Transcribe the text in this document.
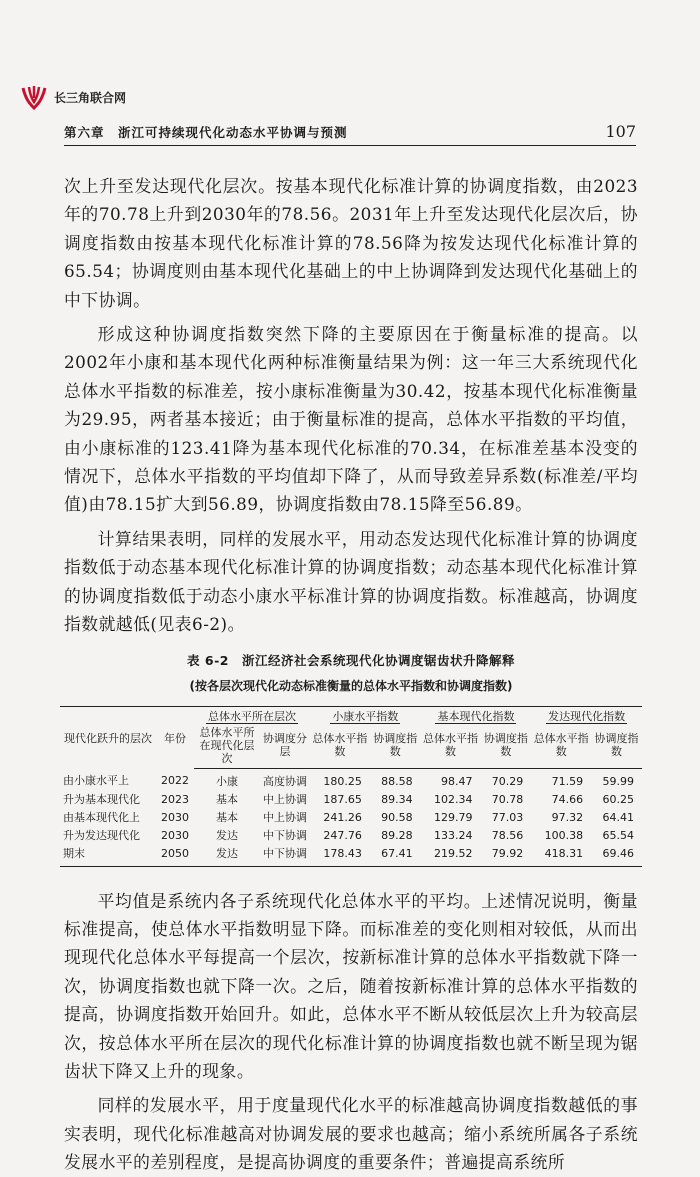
长三角联合网
第六章　浙江可持续现代化动态水平协调与预测	107

次上升至发达现代化层次。按基本现代化标准计算的协调度指数，由2023年的70.78上升到2030年的78.56。2031年上升至发达现代化层次后，协调度指数由按基本现代化标准计算的78.56降为按发达现代化标准计算的65.54；协调度则由基本现代化基础上的中上协调降到发达现代化基础上的中下协调。

形成这种协调度指数突然下降的主要原因在于衡量标准的提高。以2002年小康和基本现代化两种标准衡量结果为例：这一年三大系统现代化总体水平指数的标准差，按小康标准衡量为30.42，按基本现代化标准衡量为29.95，两者基本接近；由于衡量标准的提高，总体水平指数的平均值，由小康标准的123.41降为基本现代化标准的70.34，在标准差基本没变的情况下，总体水平指数的平均值却下降了，从而导致差异系数(标准差/平均值)由78.15扩大到56.89，协调度指数由78.15降至56.89。

计算结果表明，同样的发展水平，用动态发达现代化标准计算的协调度指数低于动态基本现代化标准计算的协调度指数；动态基本现代化标准计算的协调度指数低于动态小康水平标准计算的协调度指数。标准越高，协调度指数就越低(见表6-2)。

表 6-2　浙江经济社会系统现代化协调度锯齿状升降解释
(按各层次现代化动态标准衡量的总体水平指数和协调度指数)
现代化跃升的层次	年份	总体水平所在层次		小康水平指数		基本现代化指数		发达现代化指数	
		总体水平所在现代化层次	协调度分层	总体水平指数	协调度指数	总体水平指数	协调度指数	总体水平指数	协调度指数
由小康水平上	2022	小康	高度协调	180.25	88.58	98.47	70.29	71.59	59.99
升为基本现代化	2023	基本	中上协调	187.65	89.34	102.34	70.78	74.66	60.25
由基本现代化上	2030	基本	中上协调	241.26	90.58	129.79	77.03	97.32	64.41
升为发达现代化	2030	发达	中下协调	247.76	89.28	133.24	78.56	100.38	65.54
期末	2050	发达	中下协调	178.43	67.41	219.52	79.92	418.31	69.46

平均值是系统内各子系统现代化总体水平的平均。上述情况说明，衡量标准提高，使总体水平指数明显下降。而标准差的变化则相对较低，从而出现现代化总体水平每提高一个层次，按新标准计算的总体水平指数就下降一次，协调度指数也就下降一次。之后，随着按新标准计算的总体水平指数的提高，协调度指数开始回升。如此，总体水平不断从较低层次上升为较高层次，按总体水平所在层次的现代化标准计算的协调度指数也就不断呈现为锯齿状下降又上升的现象。

同样的发展水平，用于度量现代化水平的标准越高协调度指数越低的事实表明，现代化标准越高对协调发展的要求也越高；缩小系统所属各子系统发展水平的差别程度，是提高协调度的重要条件；普遍提高系统所
